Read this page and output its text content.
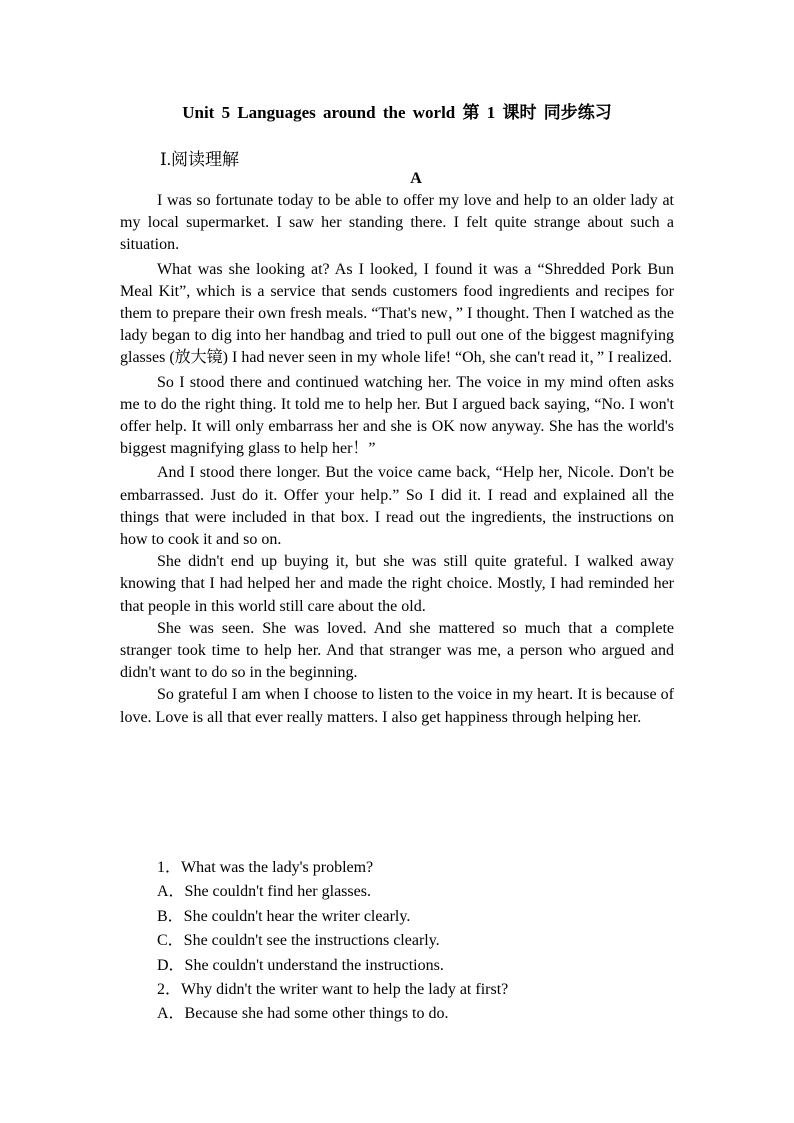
Unit 5 Languages around the world 第 1 课时 同步练习
Ⅰ.阅读理解
A

I was so fortunate today to be able to offer my love and help to an older lady at my local supermarket. I saw her standing there. I felt quite strange about such a situation.

What was she looking at? As I looked, I found it was a “Shredded Pork Bun Meal Kit”, which is a service that sends customers food ingredients and recipes for them to prepare their own fresh meals. “That's new，” I thought. Then I watched as the lady began to dig into her handbag and tried to pull out one of the biggest magnifying glasses (放大镜) I had never seen in my whole life! “Oh, she can't read it，” I realized.

So I stood there and continued watching her. The voice in my mind often asks me to do the right thing. It told me to help her. But I argued back saying, “No. I won't offer help. It will only embarrass her and she is OK now anyway. She has the world's biggest magnifying glass to help her！”

And I stood there longer. But the voice came back, “Help her, Nicole. Don't be embarrassed. Just do it. Offer your help.” So I did it. I read and explained all the things that were included in that box. I read out the ingredients, the instructions on how to cook it and so on.

She didn't end up buying it, but she was still quite grateful. I walked away knowing that I had helped her and made the right choice. Mostly, I had reminded her that people in this world still care about the old.

She was seen. She was loved. And she mattered so much that a complete stranger took time to help her. And that stranger was me, a person who argued and didn't want to do so in the beginning.

So grateful I am when I choose to listen to the voice in my heart. It is because of love. Love is all that ever really matters. I also get happiness through helping her.

1．What was the lady's problem?
A．She couldn't find her glasses.
B．She couldn't hear the writer clearly.
C．She couldn't see the instructions clearly.
D．She couldn't understand the instructions.
2．Why didn't the writer want to help the lady at first?
A．Because she had some other things to do.
